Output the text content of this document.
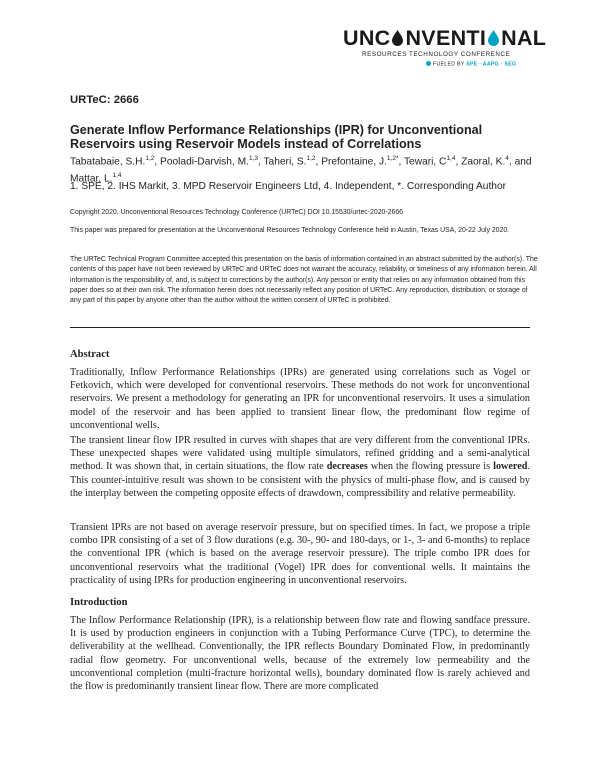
UNC NVENTI NAL
RESOURCES TECHNOLOGY CONFERENCE
FUELED BY SPE · AAPG · SEG
URTeC: 2666
Generate Inflow Performance Relationships (IPR) for Unconventional Reservoirs using Reservoir Models instead of Correlations
Tabatabaie, S.H.$^{1,2}$, Pooladi-Darvish, M.$^{1,3}$, Taheri, S.$^{1,2}$, Prefontaine, J.$^{1,2*}$, Tewari, C$^{1,4}$, Zaoral, K.$^4$, and Mattar, L.$^{1,4}$
1. SPE, 2. IHS Markit, 3. MPD Reservoir Engineers Ltd, 4. Independent, *. Corresponding Author
Copyright 2020, Unconventional Resources Technology Conference (URTeC) DOI 10.15530/urtec-2020-2666
This paper was prepared for presentation at the Unconventional Resources Technology Conference held in Austin, Texas USA, 20-22 July 2020.
The URTeC Technical Program Committee accepted this presentation on the basis of information contained in an abstract submitted by the author(s). The contents of this paper have not been reviewed by URTeC and URTeC does not warrant the accuracy, reliability, or timeliness of any information herein. All information is the responsibility of, and, is subject to corrections by the author(s). Any person or entity that relies on any information obtained from this paper does so at their own risk. The information herein does not necessarily reflect any position of URTeC. Any reproduction, distribution, or storage of any part of this paper by anyone other than the author without the written consent of URTeC is prohibited.
Abstract
Traditionally, Inflow Performance Relationships (IPRs) are generated using correlations such as Vogel or Fetkovich, which were developed for conventional reservoirs. These methods do not work for unconventional reservoirs. We present a methodology for generating an IPR for unconventional reservoirs. It uses a simulation model of the reservoir and has been applied to transient linear flow, the predominant flow regime of unconventional wells.
The transient linear flow IPR resulted in curves with shapes that are very different from the conventional IPRs. These unexpected shapes were validated using multiple simulators, refined gridding and a semi-analytical method. It was shown that, in certain situations, the flow rate decreases when the flowing pressure is lowered. This counter-intuitive result was shown to be consistent with the physics of multi-phase flow, and is caused by the interplay between the competing opposite effects of drawdown, compressibility and relative permeability.
Transient IPRs are not based on average reservoir pressure, but on specified times. In fact, we propose a triple combo IPR consisting of a set of 3 flow durations (e.g. 30-, 90- and 180-days, or 1-, 3- and 6-months) to replace the conventional IPR (which is based on the average reservoir pressure). The triple combo IPR does for unconventional reservoirs what the traditional (Vogel) IPR does for conventional wells. It maintains the practicality of using IPRs for production engineering in unconventional reservoirs.
Introduction
The Inflow Performance Relationship (IPR), is a relationship between flow rate and flowing sandface pressure. It is used by production engineers in conjunction with a Tubing Performance Curve (TPC), to determine the deliverability at the wellhead. Conventionally, the IPR reflects Boundary Dominated Flow, in predominantly radial flow geometry. For unconventional wells, because of the extremely low permeability and the unconventional completion (multi-fracture horizontal wells), boundary dominated flow is rarely achieved and the flow is predominantly transient linear flow. There are more complicated
